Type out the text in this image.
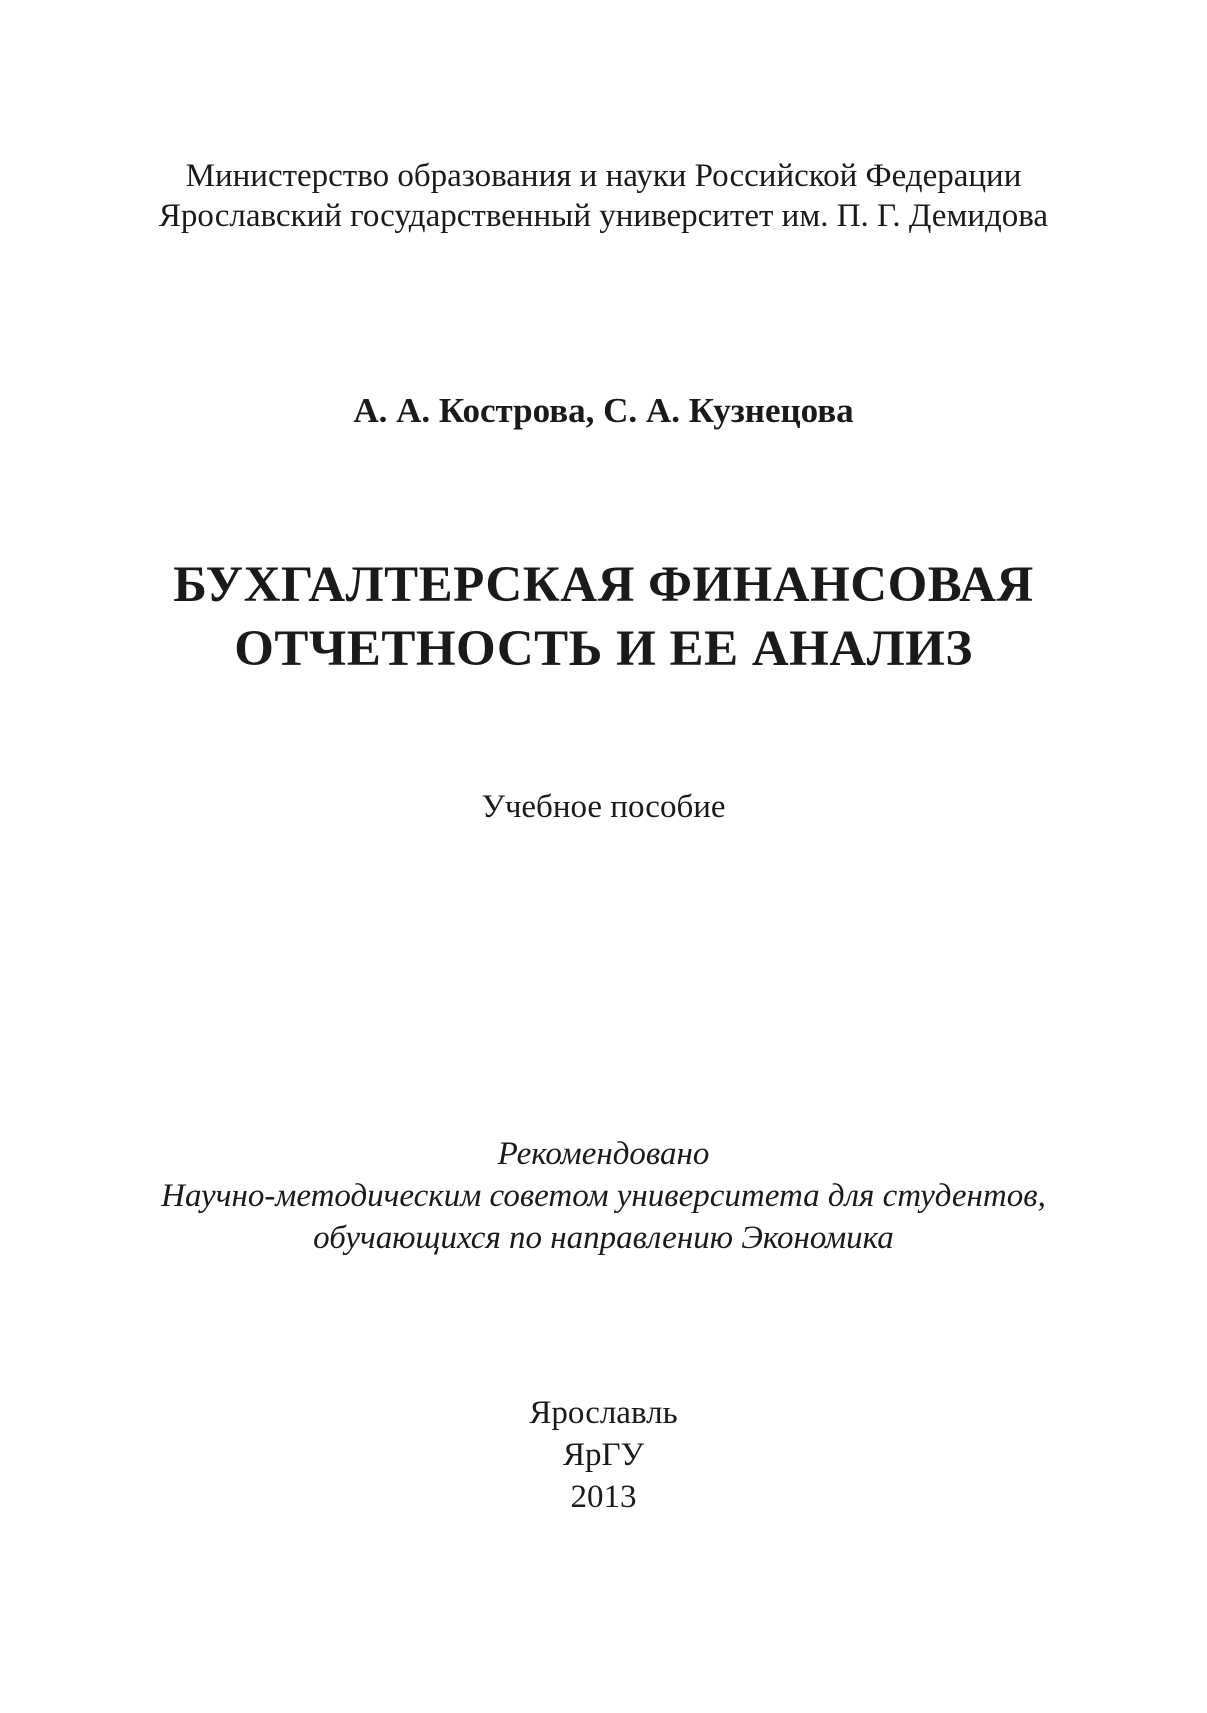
Министерство образования и науки Российской Федерации
Ярославский государственный университет им. П. Г. Демидова
А. А. Кострова, С. А. Кузнецова
БУХГАЛТЕРСКАЯ ФИНАНСОВАЯ
ОТЧЕТНОСТЬ И ЕЕ АНАЛИЗ
Учебное пособие
Рекомендовано
Научно-методическим советом университета для студентов,
обучающихся по направлению Экономика
Ярославль
ЯрГУ
2013
